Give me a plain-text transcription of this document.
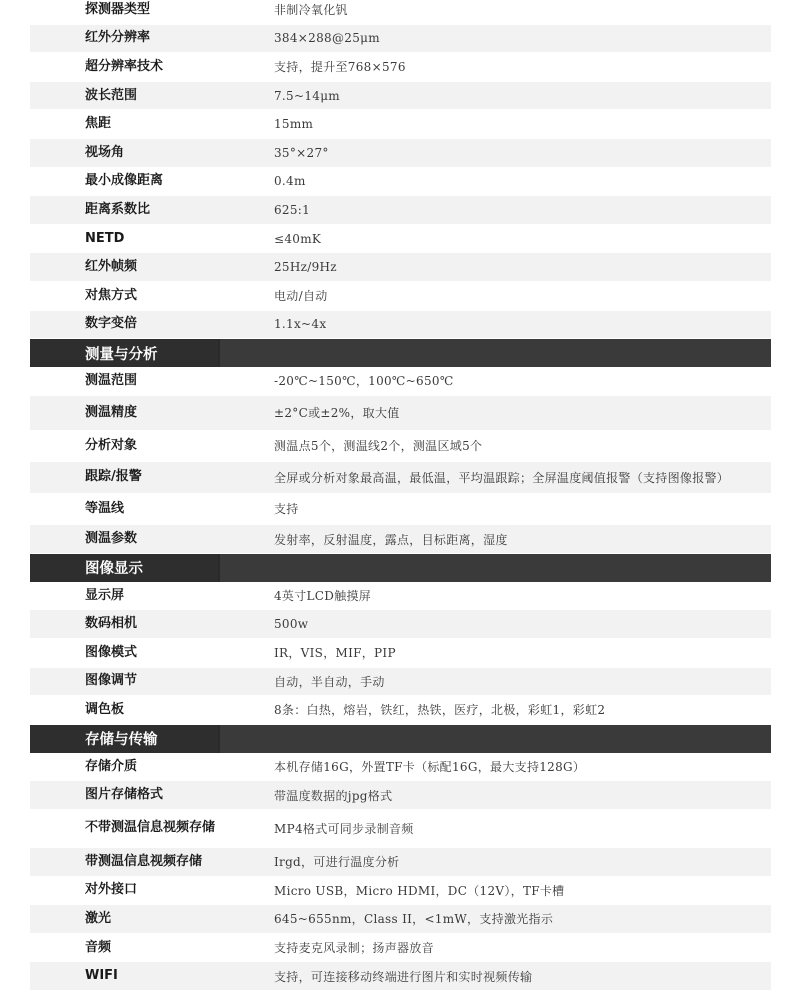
探测器类型	非制冷氧化钒
红外分辨率	384×288@25μm
超分辨率技术	支持，提升至768×576
波长范围	7.5~14μm
焦距	15mm
视场角	35°×27°
最小成像距离	0.4m
距离系数比	625:1
NETD	≤40mK
红外帧频	25Hz/9Hz
对焦方式	电动/自动
数字变倍	1.1x~4x
测量与分析
测温范围	-20℃~150℃，100℃~650℃
测温精度	±2°C或±2%，取大值
分析对象	测温点5个，测温线2个，测温区域5个
跟踪/报警	全屏或分析对象最高温，最低温，平均温跟踪；全屏温度阈值报警（支持图像报警）
等温线	支持
测温参数	发射率，反射温度，露点，目标距离，湿度
图像显示
显示屏	4英寸LCD触摸屏
数码相机	500w
图像模式	IR，VIS，MIF，PIP
图像调节	自动，半自动，手动
调色板	8条：白热，熔岩，铁红，热铁，医疗，北极，彩虹1，彩虹2
存储与传输
存储介质	本机存储16G，外置TF卡（标配16G，最大支持128G）
图片存储格式	带温度数据的jpg格式
不带测温信息视频存储	MP4格式可同步录制音频
带测温信息视频存储	Irgd，可进行温度分析
对外接口	Micro USB，Micro HDMI，DC（12V），TF卡槽
激光	645~655nm，Class II，<1mW，支持激光指示
音频	支持麦克风录制；扬声器放音
WIFI	支持，可连接移动终端进行图片和实时视频传输
